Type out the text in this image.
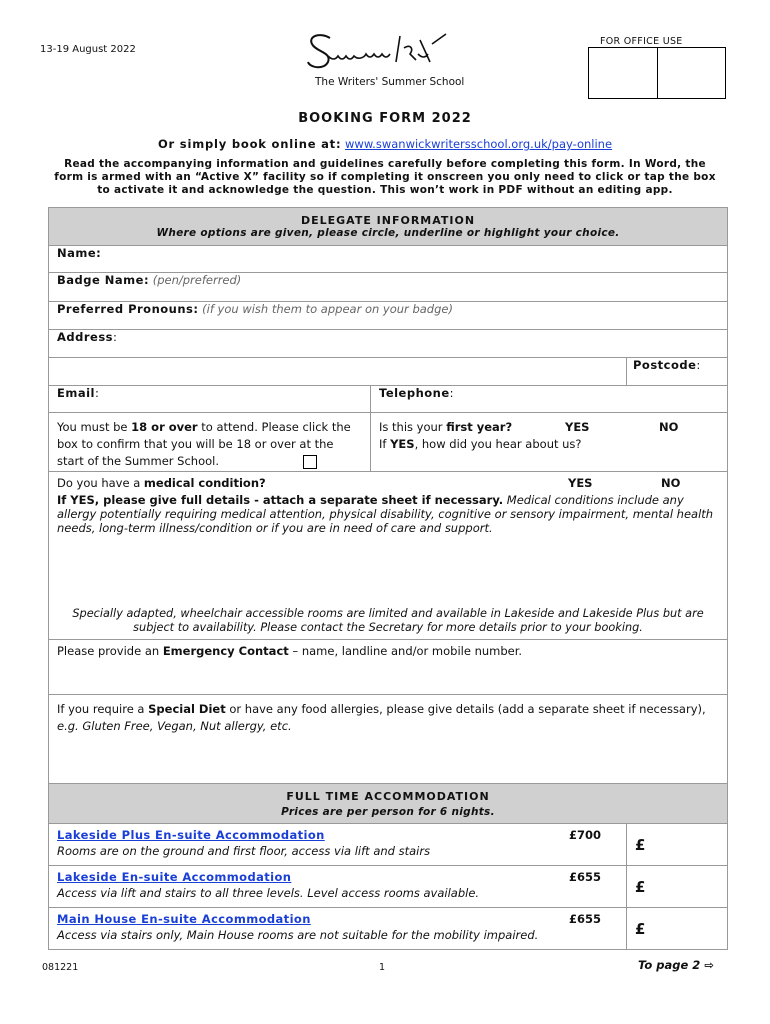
13-19 August 2022
The Writers' Summer School
FOR OFFICE USE
BOOKING FORM 2022
Or simply book online at: www.swanwickwritersschool.org.uk/pay-online
Read the accompanying information and guidelines carefully before completing this form. In Word, the form is armed with an “Active X” facility so if completing it onscreen you only need to click or tap the box to activate it and acknowledge the question. This won’t work in PDF without an editing app.
DELEGATE INFORMATION
Where options are given, please circle, underline or highlight your choice.		

Name:		
Badge Name: (pen/preferred)		
Preferred Pronouns: (if you wish them to appear on your badge)		
Address:		
		Postcode:
Email:	Telephone:	
You must be 18 or over to attend. Please click the box to confirm that you will be 18 or over at the start of the Summer School.	Is this your first year? YES NO
If YES, how did you hear about us?	

Do you have a medical condition? YES NO
If YES, please give full details - attach a separate sheet if necessary. Medical conditions include any allergy potentially requiring medical attention, physical disability, cognitive or sensory impairment, mental health needs, long-term illness/condition or if you are in need of care and support.
Specially adapted, wheelchair accessible rooms are limited and available in Lakeside and Lakeside Plus but are subject to availability. Please contact the Secretary for more details prior to your booking.		

Please provide an Emergency Contact – name, landline and/or mobile number.		
If you require a Special Diet or have any food allergies, please give details (add a separate sheet if necessary), e.g. Gluten Free, Vegan, Nut allergy, etc.		

FULL TIME ACCOMMODATION
Prices are per person for 6 nights.		

Lakeside Plus En-suite Accommodation £700
Rooms are on the ground and first floor, access via lift and stairs		£
Lakeside En-suite Accommodation £655
Access via lift and stairs to all three levels. Level access rooms available.		£
Main House En-suite Accommodation £655
Access via stairs only, Main House rooms are not suitable for the mobility impaired.		£
081221	1	To page 2 ⇨
